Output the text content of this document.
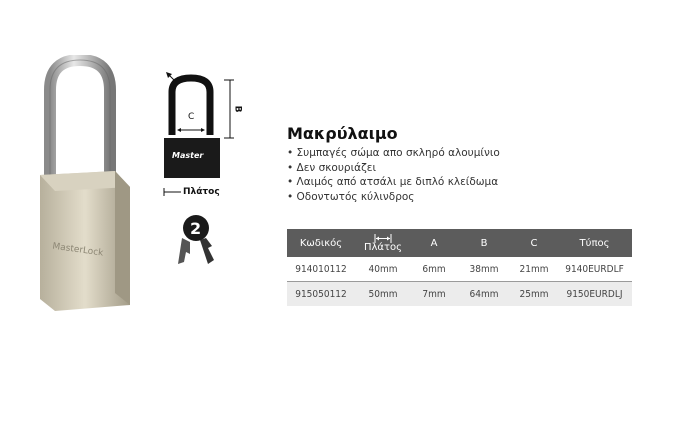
MasterLock
C
B
Master
Πλάτος
2
Μακρύλαιμο
• Συμπαγές σώμα απο σκληρό αλουμίνιο
• Δεν σκουριάζει
• Λαιμός από ατσάλι με διπλό κλείδωμα
• Οδοντωτός κύλινδρος
Κωδικός	Πλάτος	A	B	C	Τύπος
914010112	40mm	6mm	38mm	21mm	9140EURDLF
915050112	50mm	7mm	64mm	25mm	9150EURDLJ
